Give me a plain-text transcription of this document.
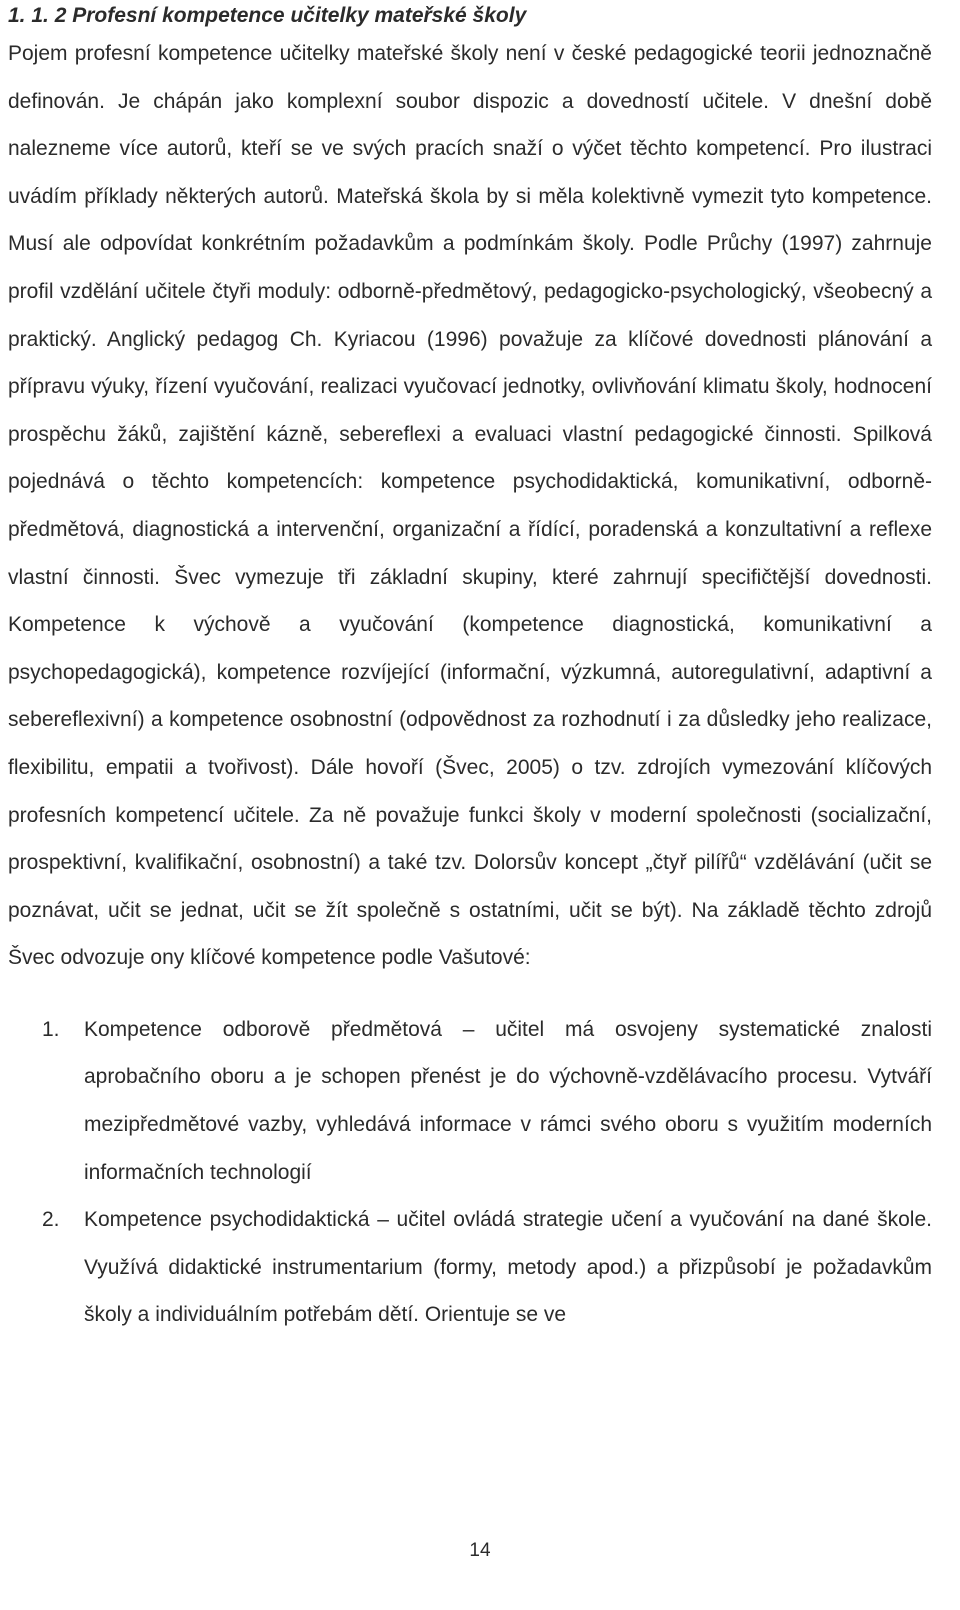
1. 1. 2 Profesní kompetence učitelky mateřské školy

Pojem profesní kompetence učitelky mateřské školy není v české pedagogické teorii jednoznačně definován. Je chápán jako komplexní soubor dispozic a dovedností učitele. V dnešní době nalezneme více autorů, kteří se ve svých pracích snaží o výčet těchto kompetencí. Pro ilustraci uvádím příklady některých autorů. Mateřská škola by si měla kolektivně vymezit tyto kompetence. Musí ale odpovídat konkrétním požadavkům a podmínkám školy. Podle Průchy (1997) zahrnuje profil vzdělání učitele čtyři moduly: odborně-předmětový, pedagogicko-psychologický, všeobecný a praktický. Anglický pedagog Ch. Kyriacou (1996) považuje za klíčové dovednosti plánování a přípravu výuky, řízení vyučování, realizaci vyučovací jednotky, ovlivňování klimatu školy, hodnocení prospěchu žáků, zajištění kázně, sebereflexi a evaluaci vlastní pedagogické činnosti. Spilková pojednává o těchto kompetencích: kompetence psychodidaktická, komunikativní, odborně-předmětová, diagnostická a intervenční, organizační a řídící, poradenská a konzultativní a reflexe vlastní činnosti. Švec vymezuje tři základní skupiny, které zahrnují specifičtější dovednosti. Kompetence k výchově a vyučování (kompetence diagnostická, komunikativní a psychopedagogická), kompetence rozvíjející (informační, výzkumná, autoregulativní, adaptivní a sebereflexivní) a kompetence osobnostní (odpovědnost za rozhodnutí i za důsledky jeho realizace, flexibilitu, empatii a tvořivost). Dále hovoří (Švec, 2005) o tzv. zdrojích vymezování klíčových profesních kompetencí učitele. Za ně považuje funkci školy v moderní společnosti (socializační, prospektivní, kvalifikační, osobnostní) a také tzv. Dolorsův koncept „čtyř pilířů“ vzdělávání (učit se poznávat, učit se jednat, učit se žít společně s ostatními, učit se být). Na základě těchto zdrojů Švec odvozuje ony klíčové kompetence podle Vašutové:

1. Kompetence odborově předmětová – učitel má osvojeny systematické znalosti aprobačního oboru a je schopen přenést je do výchovně-vzdělávacího procesu. Vytváří mezipředmětové vazby, vyhledává informace v rámci svého oboru s využitím moderních informačních technologií

2. Kompetence psychodidaktická – učitel ovládá strategie učení a vyučování na dané škole. Využívá didaktické instrumentarium (formy, metody apod.) a přizpůsobí je požadavkům školy a individuálním potřebám dětí. Orientuje se ve

14
